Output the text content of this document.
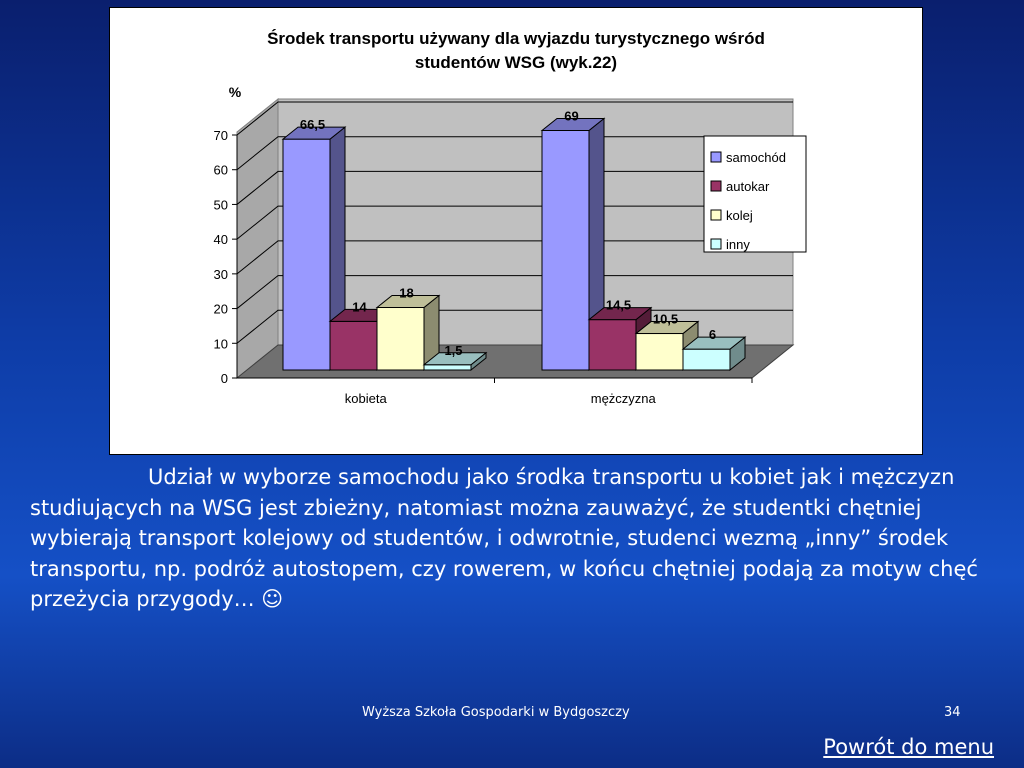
Środek transportu używany dla wyjazdu turystycznego wśród
studentów WSG (wyk.22)
%
0
10
20
30
40
50
60
70
kobieta
66,5
14
18
1,5
mężczyzna
69
14,5
10,5
6
samochód
autokar
kolej
inny

Udział w wyborze samochodu jako środka transportu u kobiet jak i mężczyzn studiujących na WSG jest zbieżny, natomiast można zauważyć, że studentki chętniej wybierają transport kolejowy od studentów, i odwrotnie, studenci wezmą „inny” środek transportu, np. podróż autostopem, czy rowerem, w końcu chętniej podają za motyw chęć przeżycia przygody… ☺

Wyższa Szkoła Gospodarki w Bydgoszczy	34
Powrót do menu
